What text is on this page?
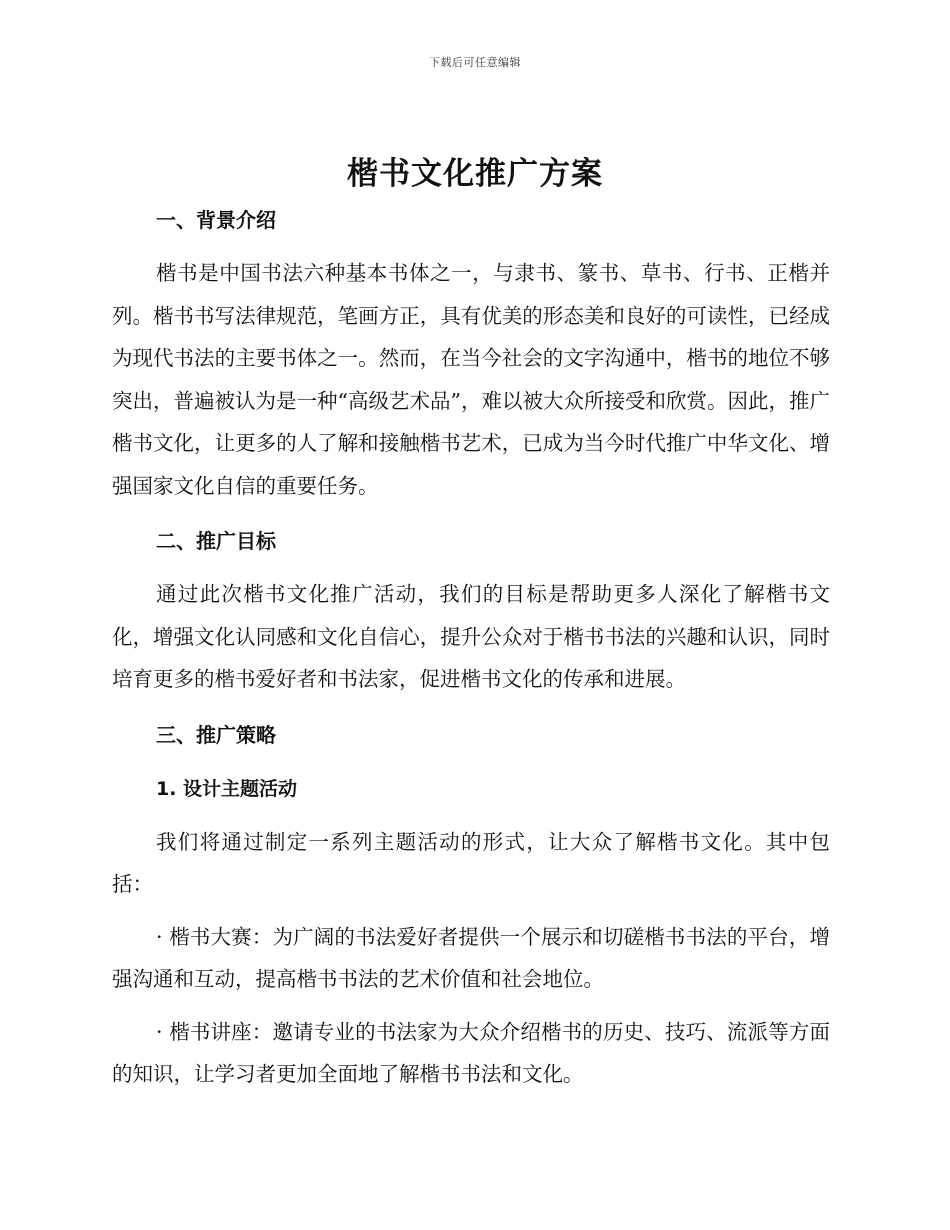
下载后可任意编辑
楷书文化推广方案
一、背景介绍

楷书是中国书法六种基本书体之一，与隶书、篆书、草书、行书、正楷并列。楷书书写法律规范，笔画方正，具有优美的形态美和良好的可读性，已经成为现代书法的主要书体之一。然而，在当今社会的文字沟通中，楷书的地位不够突出，普遍被认为是一种“高级艺术品”，难以被大众所接受和欣赏。因此，推广楷书文化，让更多的人了解和接触楷书艺术，已成为当今时代推广中华文化、增强国家文化自信的重要任务。

二、推广目标

通过此次楷书文化推广活动，我们的目标是帮助更多人深化了解楷书文化，增强文化认同感和文化自信心，提升公众对于楷书书法的兴趣和认识，同时培育更多的楷书爱好者和书法家，促进楷书文化的传承和进展。

三、推广策略
1. 设计主题活动

我们将通过制定一系列主题活动的形式，让大众了解楷书文化。其中包括：

· 楷书大赛：为广阔的书法爱好者提供一个展示和切磋楷书书法的平台，增强沟通和互动，提高楷书书法的艺术价值和社会地位。

· 楷书讲座：邀请专业的书法家为大众介绍楷书的历史、技巧、流派等方面的知识，让学习者更加全面地了解楷书书法和文化。
